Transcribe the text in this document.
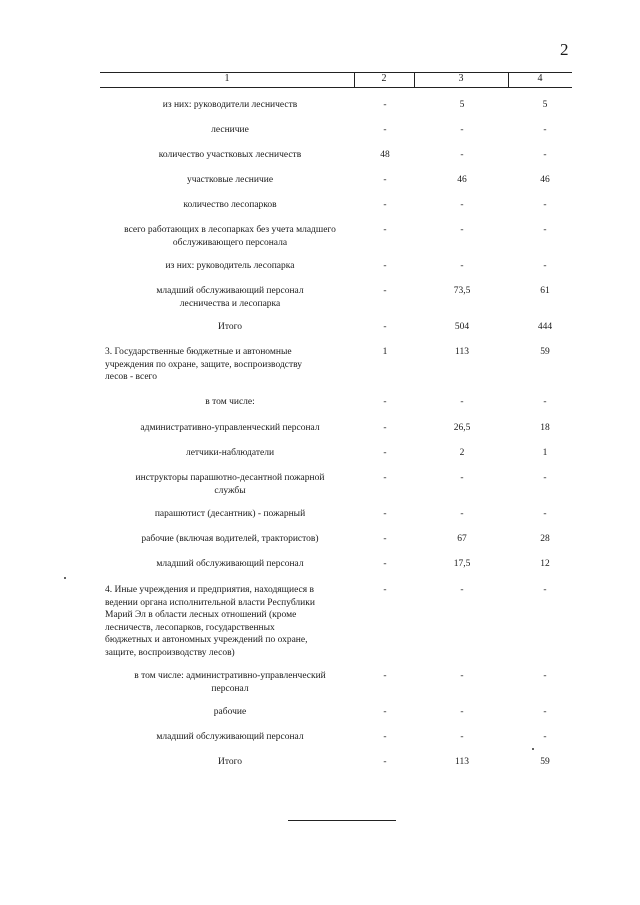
2
1	2	3	4
из них: руководители лесничеств	-	5	5
лесничие	-	-	-
количество участковых лесничеств	48	-	-
участковые лесничие	-	46	46
количество лесопарков	-	-	-
всего работающих в лесопарках без учета младшего
обслуживающего персонала
-	-	-
из них: руководитель лесопарка	-	-	-
младший обслуживающий персонал
лесничества и лесопарка
-	73,5	61
Итого	-	504	444
3. Государственные бюджетные и автономные
учреждения по охране, защите, воспроизводству
лесов - всего
1	113	59
в том числе:	-	-	-
административно-управленческий персонал	-	26,5	18
летчики-наблюдатели	-	2	1
инструкторы парашютно-десантной пожарной
службы
-	-	-
парашютист (десантник) - пожарный	-	-	-
рабочие (включая водителей, трактористов)	-	67	28
младший обслуживающий персонал	-	17,5	12
4. Иные учреждения и предприятия, находящиеся в
ведении органа исполнительной власти Республики
Марий Эл в области лесных отношений (кроме
лесничеств, лесопарков, государственных
бюджетных и автономных учреждений по охране,
защите, воспроизводству лесов)
-	-	-
в том числе: административно-управленческий
персонал
-	-	-
рабочие	-	-	-
младший обслуживающий персонал	-	-	-
Итого	-	113	59
